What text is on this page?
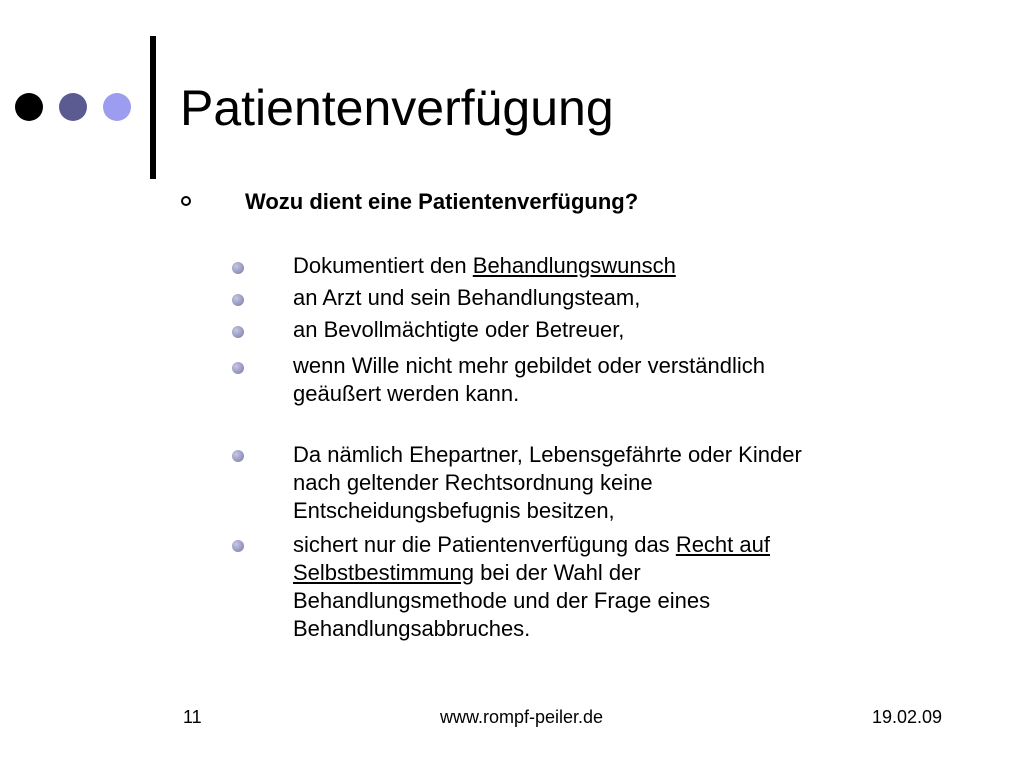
Patientenverfügung
Wozu dient eine Patientenverfügung?
Dokumentiert den Behandlungswunsch
an Arzt und sein Behandlungsteam,
an Bevollmächtigte oder Betreuer,
wenn Wille nicht mehr gebildet oder verständlich
geäußert werden kann.
Da nämlich Ehepartner, Lebensgefährte oder Kinder
nach geltender Rechtsordnung keine
Entscheidungsbefugnis besitzen,
sichert nur die Patientenverfügung das Recht auf
Selbstbestimmung bei der Wahl der
Behandlungsmethode und der Frage eines
Behandlungsabbruches.
11	www.rompf-peiler.de	19.02.09
